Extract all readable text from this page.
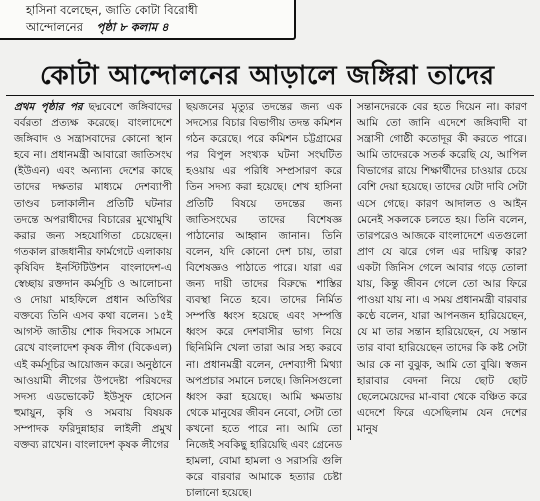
হাসিনা বলেছেন, জাতি কোটা বিরোধী
আন্দোলনের পৃষ্ঠা ৮ কলাম ৪
কোটা আন্দোলনের আড়ালে জঙ্গিরা তাদের

প্রথম পৃষ্ঠার পর ছদ্মবেশে জঙ্গিবাদের বর্বরতা প্রত্যক্ষ করেছে। বাংলাদেশে জঙ্গিবাদ ও সন্ত্রাসবাদের কোনো স্থান হবে না। প্রধানমন্ত্রী আবারো জাতিসংঘ (ইউএন) এবং অন্যান্য দেশের কাছে তাদের দক্ষতার মাধ্যমে দেশব্যাপী তাণ্ডব চলাকালীন প্রতিটি ঘটনার তদন্তে অপরাধীদের বিচারের মুখোমুখি করার জন্য সহযোগিতা চেয়েছেন। গতকাল রাজধানীর ফার্মগেটে এলাকায় কৃষিবিদ ইনস্টিটিউশন বাংলাদেশ-এ স্বেচ্ছায় রক্তদান কর্মসূচি ও আলোচনা ও দোয়া মাহফিলে প্রধান অতিথির বক্তব্যে তিনি এসব কথা বলেন। ১৫ই আগস্ট জাতীয় শোক দিবসকে সামনে রেখে বাংলাদেশ কৃষক লীগ (বিকেএল) এই কর্মসূচির আয়োজন করে। অনুষ্ঠানে আওয়ামী লীগের উপদেষ্টা পরিষদের সদস্য এডভোকেট ইউসুফ হোসেন হুমায়ুন, কৃষি ও সমবায় বিষয়ক সম্পাদক ফরিদুন্নাহার লাইলী প্রমুখ বক্তব্য রাখেন। বাংলাদেশ কৃষক লীগের

ছয়জনের মৃত্যুর তদন্তের জন্য এক সদস্যের বিচার বিভাগীয় তদন্ত কমিশন গঠন করেছে। পরে কমিশন চট্টগ্রামের পর বিপুল সংখ্যক ঘটনা সংঘটিত হওয়ায় এর পরিধি সম্প্রসারণ করে তিন সদস্য করা হয়েছে। শেখ হাসিনা প্রতিটি বিষয়ে তদন্তের জন্য জাতিসংঘের তাদের বিশেষজ্ঞ পাঠানোর আহ্বান জানান। তিনি বলেন, যদি কোনো দেশ চায়, তারা বিশেষজ্ঞও পাঠাতে পারে। যারা এর জন্য দায়ী তাদের বিরুদ্ধে শাস্তির ব্যবস্থা নিতে হবে। তাদের নির্মিত সম্পত্তি ধ্বংস হয়েছে এবং সম্পত্তি ধ্বংস করে দেশবাসীর ভাগ্য নিয়ে ছিনিমিনি খেলা তারা আর সহ্য করবে না। প্রধানমন্ত্রী বলেন, দেশব্যাপী মিথ্যা অপপ্রচার সমানে চলছে। জিনিসগুলো ধ্বংস করা হয়েছে। আমি ক্ষমতায় থেকে মানুষের জীবন নেবো, সেটা তো কখনো হতে পারে না। আমি তো নিজেই সবকিছু হারিয়েছি এবং গ্রেনেড হামলা, বোমা হামলা ও সরাসরি গুলি করে বারবার আমাকে হত্যার চেষ্টা চালানো হয়েছে।

সন্তানদেরকে বের হতে দিয়েন না। কারণ আমি তো জানি এদেশে জঙ্গিবাদী বা সন্ত্রাসী গোষ্ঠী কতোদূর কী করতে পারে। আমি তাদেরকে সতর্ক করেছি যে, আপিল বিভাগের রায়ে শিক্ষার্থীদের চাওয়ার চেয়ে বেশি দেয়া হয়েছে। তাদের যেটা দাবি সেটা এসে গেছে। কারণ আদালত ও আইন মেনেই সকলকে চলতে হয়। তিনি বলেন, তারপরেও আজকে বাংলাদেশে এতগুলো প্রাণ যে ঝরে গেল এর দায়িত্ব কার? একটা জিনিস গেলে আবার গড়ে তোলা যায়, কিন্তু জীবন গেলে তো আর ফিরে পাওয়া যায় না। এ সময় প্রধানমন্ত্রী বারবার কণ্ঠে বলেন, যারা আপনজন হারিয়েছেন, যে মা তার সন্তান হারিয়েছেন, যে সন্তান তার বাবা হারিয়েছেন তাদের কি কষ্ট সেটা আর কে না বুঝুক, আমি তো বুঝি। স্বজন হারাবার বেদনা নিয়ে ছোট ছোট ছেলেমেয়েদের মা-বাবা থেকে বঞ্চিত করে এদেশে ফিরে এসেছিলাম যেন দেশের মানুষ
